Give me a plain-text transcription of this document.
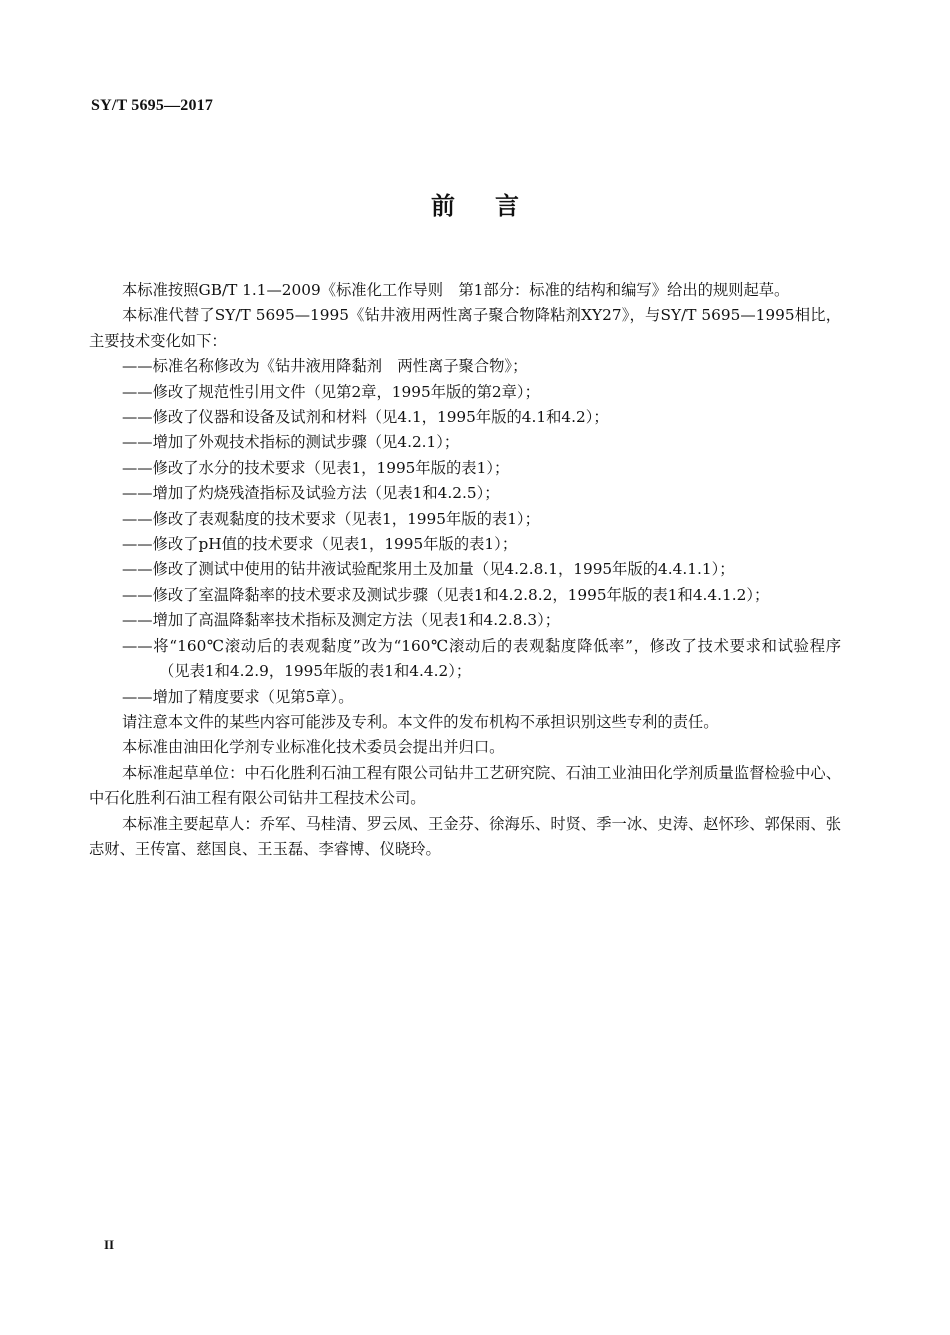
SY/T 5695—2017
前 言
本标准按照GB/T 1.1—2009《标准化工作导则　第1部分：标准的结构和编写》给出的规则起草。
本标准代替了SY/T 5695—1995《钻井液用两性离子聚合物降粘剂XY27》，与SY/T 5695—1995相比，主要技术变化如下：
——标准名称修改为《钻井液用降黏剂　两性离子聚合物》；
——修改了规范性引用文件（见第2章，1995年版的第2章）；
——修改了仪器和设备及试剂和材料（见4.1，1995年版的4.1和4.2）；
——增加了外观技术指标的测试步骤（见4.2.1）；
——修改了水分的技术要求（见表1，1995年版的表1）；
——增加了灼烧残渣指标及试验方法（见表1和4.2.5）；
——修改了表观黏度的技术要求（见表1，1995年版的表1）；
——修改了pH值的技术要求（见表1，1995年版的表1）；
——修改了测试中使用的钻井液试验配浆用土及加量（见4.2.8.1，1995年版的4.4.1.1）；
——修改了室温降黏率的技术要求及测试步骤（见表1和4.2.8.2，1995年版的表1和4.4.1.2）；
——增加了高温降黏率技术指标及测定方法（见表1和4.2.8.3）；
——将“160℃滚动后的表观黏度”改为“160℃滚动后的表观黏度降低率”，修改了技术要求和试验程序（见表1和4.2.9，1995年版的表1和4.4.2）；
——增加了精度要求（见第5章）。
请注意本文件的某些内容可能涉及专利。本文件的发布机构不承担识别这些专利的责任。
本标准由油田化学剂专业标准化技术委员会提出并归口。
本标准起草单位：中石化胜利石油工程有限公司钻井工艺研究院、石油工业油田化学剂质量监督检验中心、中石化胜利石油工程有限公司钻井工程技术公司。
本标准主要起草人：乔军、马桂清、罗云凤、王金芬、徐海乐、时贤、季一冰、史涛、赵怀珍、郭保雨、张志财、王传富、慈国良、王玉磊、李睿博、仪晓玲。
II
